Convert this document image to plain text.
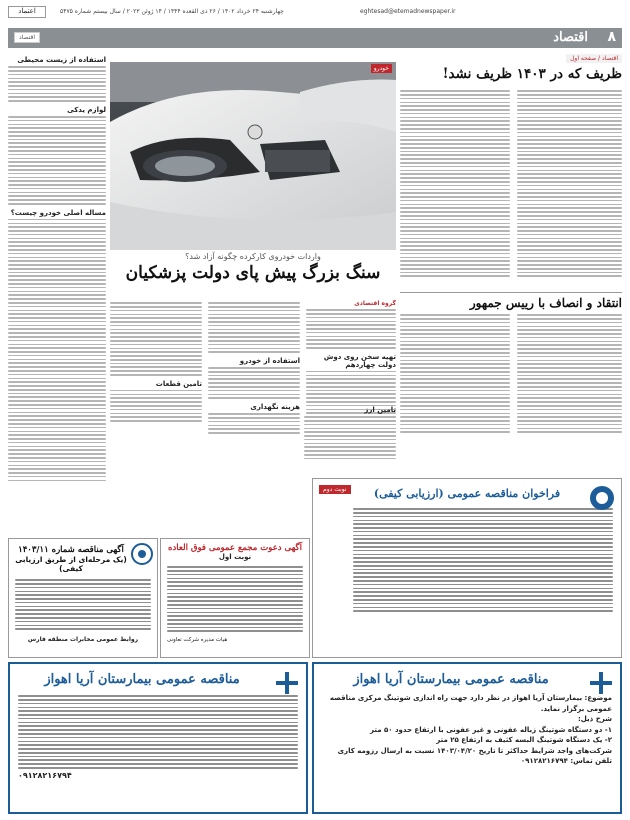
اعتماد	چهارشنبه ۲۴ خرداد ۱۴۰۲ / ۲۶ ذی القعده ۱۴۴۴ / ۱۴ ژوئن ۲۰۲۳ / سال بیستم شماره ۵۴۷۵	eghtesad@etemadnewspaper.ir
۸
اقتصاد
اقتصاد
اقتصاد / صفحه اول
ظریف که در ۱۴۰۳ ظریف نشد!
انتقاد و انصاف با رییس جمهور
خودرو
واردات خودروی کارکرده چگونه آزاد شد؟
سنگ بزرگ پیش پای دولت پزشکیان
گروه اقتصادی
تهیه سخن روی دوش دولت چهاردهم
استفاده از خودرو
هزینه نگهداری
تامین قطعات
تامین ارز
استفاده از زیست محیطی
لوازم یدکی
مساله اصلی خودرو چیست؟
نوبت دوم	فراخوان مناقصه عمومی (ارزیابی کیفی)
آگهی دعوت مجمع عمومی فوق العاده
نوبت اول
هیات مدیره شرکت تعاونی
آگهی مناقصه شماره ۱۴۰۳/۱۱
(یک مرحله‌ای از طریق ارزیابی کیفی)
روابط عمومی مخابرات منطقه فارس
مناقصه عمومی بیمارستان آریا اهواز
موضوع: بیمارستان آریا اهواز در نظر دارد جهت راه اندازی شوتینگ مرکزی مناقصه عمومی برگزار نماید.
شرح ذیل:
۱- دو دستگاه شوتینگ زباله عفونی و غیر عفونی با ارتفاع حدود ۵۰ متر
۲- یک دستگاه شوتینگ البسه کثیف به ارتفاع ۲۵ متر
شرکت‌های واجد شرایط حداکثر تا تاریخ ۱۴۰۳/۰۴/۲۰ نسبت به ارسال رزومه کاری
تلفن تماس: ۰۹۱۲۸۲۱۶۷۹۴
مناقصه عمومی بیمارستان آریا اهواز
۰۹۱۲۸۲۱۶۷۹۴
